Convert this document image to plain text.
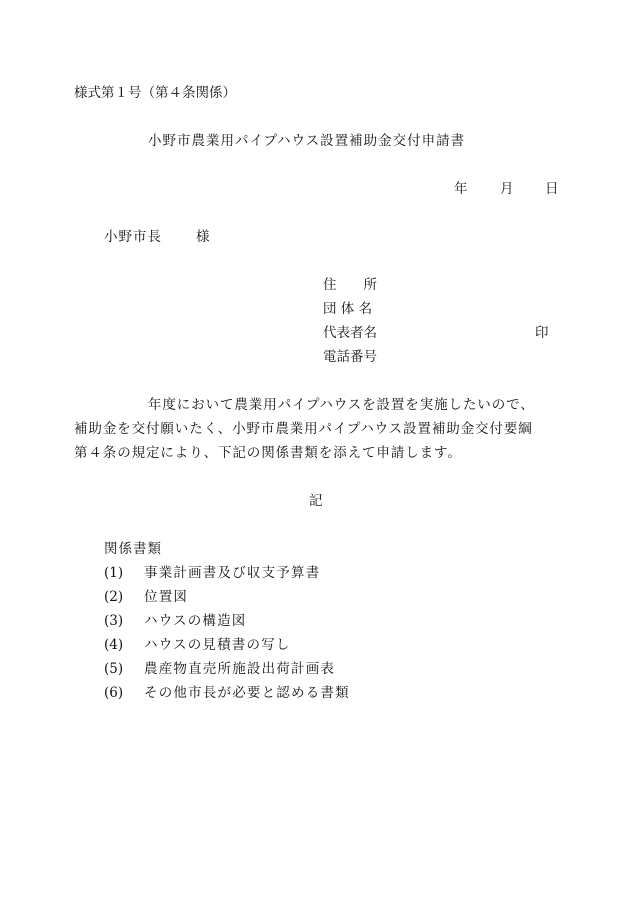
様式第１号（第４条関係）
小野市農業用パイプハウス設置補助金交付申請書
年 月 日
小野市長	様
住　　所
団 体 名
代表者名	印
電話番号
年度において農業用パイプハウスを設置を実施したいので、
補助金を交付願いたく、小野市農業用パイプハウス設置補助金交付要綱
第４条の規定により、下記の関係書類を添えて申請します。
記
関係書類
(1) 事業計画書及び収支予算書
(2) 位置図
(3) ハウスの構造図
(4) ハウスの見積書の写し
(5) 農産物直売所施設出荷計画表
(6) その他市長が必要と認める書類
